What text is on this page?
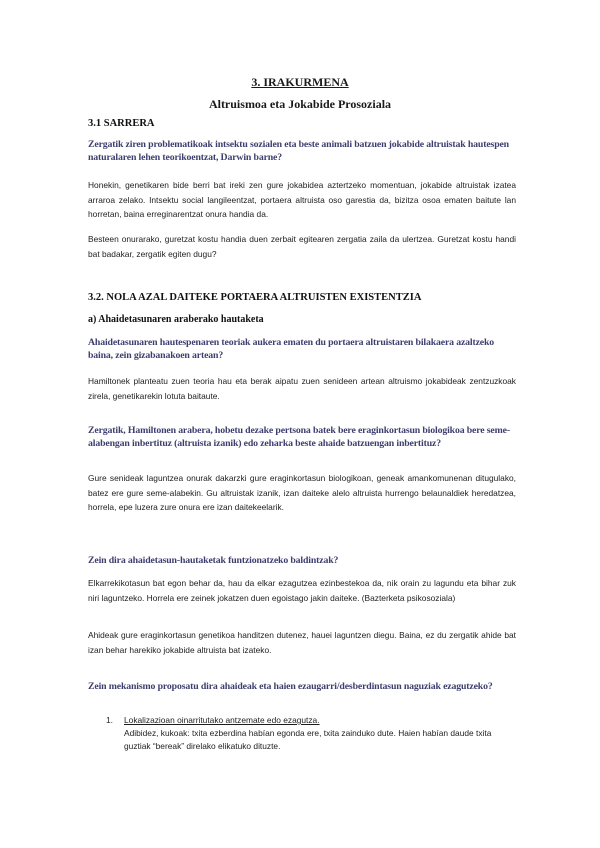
3. IRAKURMENA
Altruismoa eta Jokabide Prosoziala
3.1 SARRERA
Zergatik ziren problematikoak intsektu sozialen eta beste animali batzuen jokabide altruistak hautespen naturalaren lehen teorikoentzat, Darwin barne?
Honekin, genetikaren bide berri bat ireki zen gure jokabidea aztertzeko momentuan, jokabide altruistak izatea arraroa zelako. Intsektu social langileentzat, portaera altruista oso garestia da, bizitza osoa ematen baitute lan horretan, baina erreginarentzat onura handia da.
Besteen onurarako, guretzat kostu handia duen zerbait egitearen zergatia zaila da ulertzea. Guretzat kostu handi bat badakar, zergatik egiten dugu?
3.2. NOLA AZAL DAITEKE PORTAERA ALTRUISTEN EXISTENTZIA
a) Ahaidetasunaren araberako hautaketa
Ahaidetasunaren hautespenaren teoriak aukera ematen du portaera altruistaren bilakaera azaltzeko baina, zein gizabanakoen artean?
Hamiltonek planteatu zuen teoria hau eta berak aipatu zuen senideen artean altruismo jokabideak zentzuzkoak zirela, genetikarekin lotuta baitaute.
Zergatik, Hamiltonen arabera, hobetu dezake pertsona batek bere eraginkortasun biologikoa bere seme-alabengan inbertituz (altruista izanik) edo zeharka beste ahaide batzuengan inbertituz?
Gure senideak laguntzea onurak dakarzki gure eraginkortasun biologikoan, geneak amankomunenan ditugulako, batez ere gure seme-alabekin. Gu altruistak izanik, izan daiteke alelo altruista hurrengo belaunaldiek heredatzea, horrela, epe luzera zure onura ere izan daitekeelarik.
Zein dira ahaidetasun-hautaketak funtzionatzeko baldintzak?
Elkarrekikotasun bat egon behar da, hau da elkar ezagutzea ezinbestekoa da, nik orain zu lagundu eta bihar zuk niri laguntzeko. Horrela ere zeinek jokatzen duen egoistago jakin daiteke. (Bazterketa psikosoziala)
Ahideak gure eraginkortasun genetikoa handitzen dutenez, hauei laguntzen diegu. Baina, ez du zergatik ahide bat izan behar harekiko jokabide altruista bat izateko.
Zein mekanismo proposatu dira ahaideak eta haien ezaugarri/desberdintasun naguziak ezagutzeko?
1. Lokalizazioan oinarritutako antzemate edo ezagutza.
Adibidez, kukoak: txita ezberdina habían egonda ere, txita zainduko dute. Haien habían daude txita guztiak “bereak” direlako elikatuko dituzte.
